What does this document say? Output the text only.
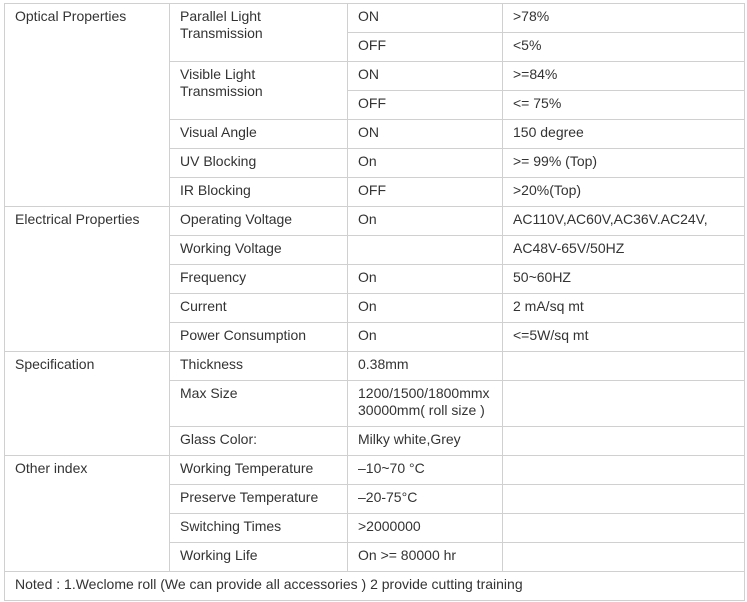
Optical Properties	Parallel Light Transmission	ON	>78%
		OFF	<5%
	Visible Light Transmission	ON	>=84%
		OFF	<= 75%
	Visual Angle	ON	150 degree
	UV Blocking	On	>= 99% (Top)
	IR Blocking	OFF	>20%(Top)
Electrical Properties	Operating Voltage	On	AC110V,AC60V,AC36V.AC24V,
	Working Voltage		AC48V-65V/50HZ
	Frequency	On	50~60HZ
	Current	On	2 mA/sq mt
	Power Consumption	On	<=5W/sq mt
Specification	Thickness	0.38mm	
	Max Size	1200/1500/1800mmx 30000mm( roll size )	
	Glass Color:	Milky white,Grey	
Other index	Working Temperature	–10~70 °C	
	Preserve Temperature	–20-75°C	
	Switching Times	>2000000	
	Working Life	On >= 80000 hr	
Noted : 1.Weclome roll (We can provide all accessories ) 2 provide cutting training			
